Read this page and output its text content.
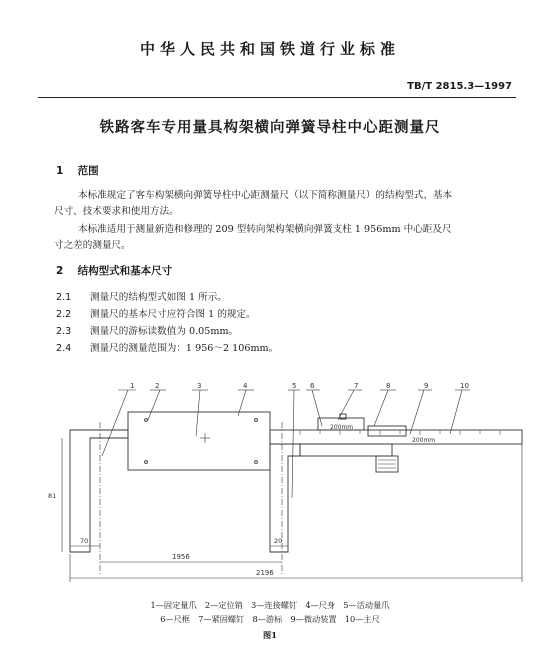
中华人民共和国铁道行业标准
TB/T 2815.3—1997
铁路客车专用量具构架横向弹簧导柱中心距测量尺
1 范围
本标准规定了客车构架横向弹簧导柱中心距测量尺（以下简称测量尺）的结构型式、基本
尺寸、技术要求和使用方法。
本标准适用于测量新造和修理的 209 型转向架构架横向弹簧支柱 1 956mm 中心距及尺
寸之差的测量尺。
2 结构型式和基本尺寸
2.1 测量尺的结构型式如图 1 所示。
2.2 测量尺的基本尺寸应符合图 1 的规定。
2.3 测量尺的游标读数值为 0.05mm。
2.4 测量尺的测量范围为：1 956～2 106mm。
1	2	3	4	5 6	7	8	9	10
200mm
200mm
81
70	20
1956
2196
1—固定量爪　2—定位销　3—连接螺钉　4—尺身　5—活动量爪
6—尺框　7—紧固螺钉　8—游标　9—微动装置　10—主尺
图1
